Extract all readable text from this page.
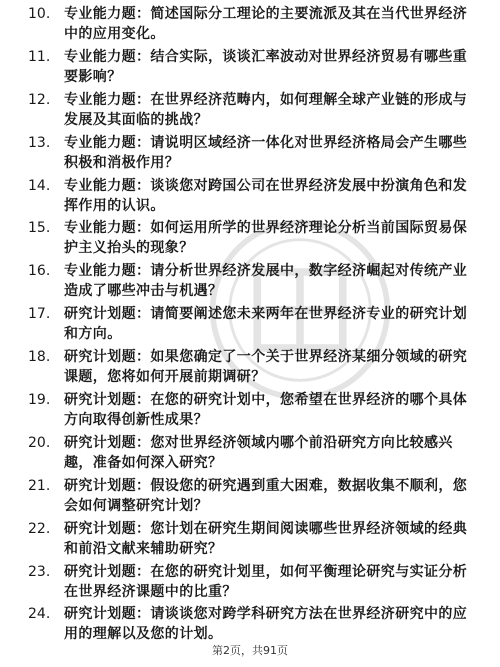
10. 专业能力题：简述国际分工理论的主要流派及其在当代世界经济中的应用变化。
11. 专业能力题：结合实际，谈谈汇率波动对世界经济贸易有哪些重要影响？
12. 专业能力题：在世界经济范畴内，如何理解全球产业链的形成与发展及其面临的挑战？
13. 专业能力题：请说明区域经济一体化对世界经济格局会产生哪些积极和消极作用？
14. 专业能力题：谈谈您对跨国公司在世界经济发展中扮演角色和发挥作用的认识。
15. 专业能力题：如何运用所学的世界经济理论分析当前国际贸易保护主义抬头的现象？
16. 专业能力题：请分析世界经济发展中，数字经济崛起对传统产业造成了哪些冲击与机遇？
17. 研究计划题：请简要阐述您未来两年在世界经济专业的研究计划和方向。
18. 研究计划题：如果您确定了一个关于世界经济某细分领域的研究课题，您将如何开展前期调研？
19. 研究计划题：在您的研究计划中，您希望在世界经济的哪个具体方向取得创新性成果？
20. 研究计划题：您对世界经济领域内哪个前沿研究方向比较感兴趣，准备如何深入研究？
21. 研究计划题：假设您的研究遇到重大困难，数据收集不顺利，您会如何调整研究计划？
22. 研究计划题：您计划在研究生期间阅读哪些世界经济领域的经典和前沿文献来辅助研究？
23. 研究计划题：在您的研究计划里，如何平衡理论研究与实证分析在世界经济课题中的比重？
24. 研究计划题：请谈谈您对跨学科研究方法在世界经济研究中的应用的理解以及您的计划。
第2页，共91页
